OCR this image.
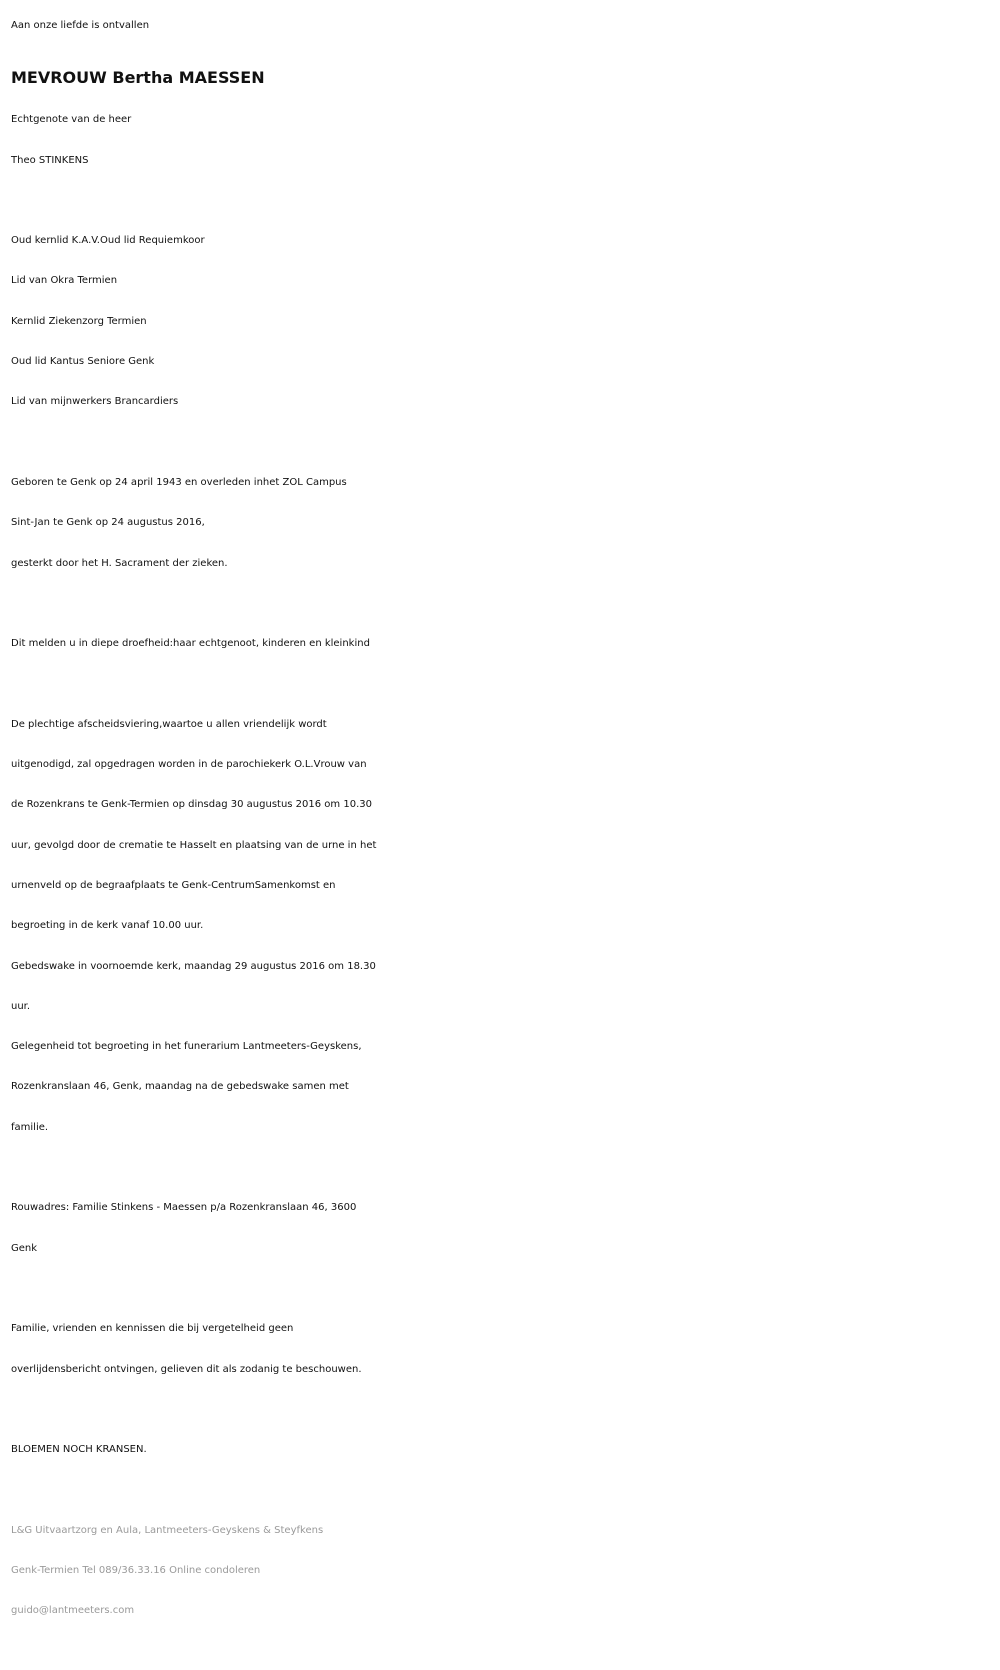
Aan onze liefde is ontvallen

MEVROUW Bertha MAESSEN

Echtgenote van de heer

Theo STINKENS

Oud kernlid K.A.V.Oud lid Requiemkoor

Lid van Okra Termien

Kernlid Ziekenzorg Termien

Oud lid Kantus Seniore Genk

Lid van mijnwerkers Brancardiers

Geboren te Genk op 24 april 1943 en overleden inhet ZOL Campus

Sint-Jan te Genk op 24 augustus 2016,

gesterkt door het H. Sacrament der zieken.

Dit melden u in diepe droefheid:haar echtgenoot, kinderen en kleinkind

De plechtige afscheidsviering,waartoe u allen vriendelijk wordt

uitgenodigd, zal opgedragen worden in de parochiekerk O.L.Vrouw van

de Rozenkrans te Genk-Termien op dinsdag 30 augustus 2016 om 10.30

uur, gevolgd door de crematie te Hasselt en plaatsing van de urne in het

urnenveld op de begraafplaats te Genk-CentrumSamenkomst en

begroeting in de kerk vanaf 10.00 uur.

Gebedswake in voornoemde kerk, maandag 29 augustus 2016 om 18.30

uur.

Gelegenheid tot begroeting in het funerarium Lantmeeters-Geyskens,

Rozenkranslaan 46, Genk, maandag na de gebedswake samen met

familie.

Rouwadres: Familie Stinkens - Maessen p/a Rozenkranslaan 46, 3600

Genk

Familie, vrienden en kennissen die bij vergetelheid geen

overlijdensbericht ontvingen, gelieven dit als zodanig te beschouwen.

BLOEMEN NOCH KRANSEN.

L&G Uitvaartzorg en Aula, Lantmeeters-Geyskens & Steyfkens

Genk-Termien Tel 089/36.33.16 Online condoleren

guido@lantmeeters.com
